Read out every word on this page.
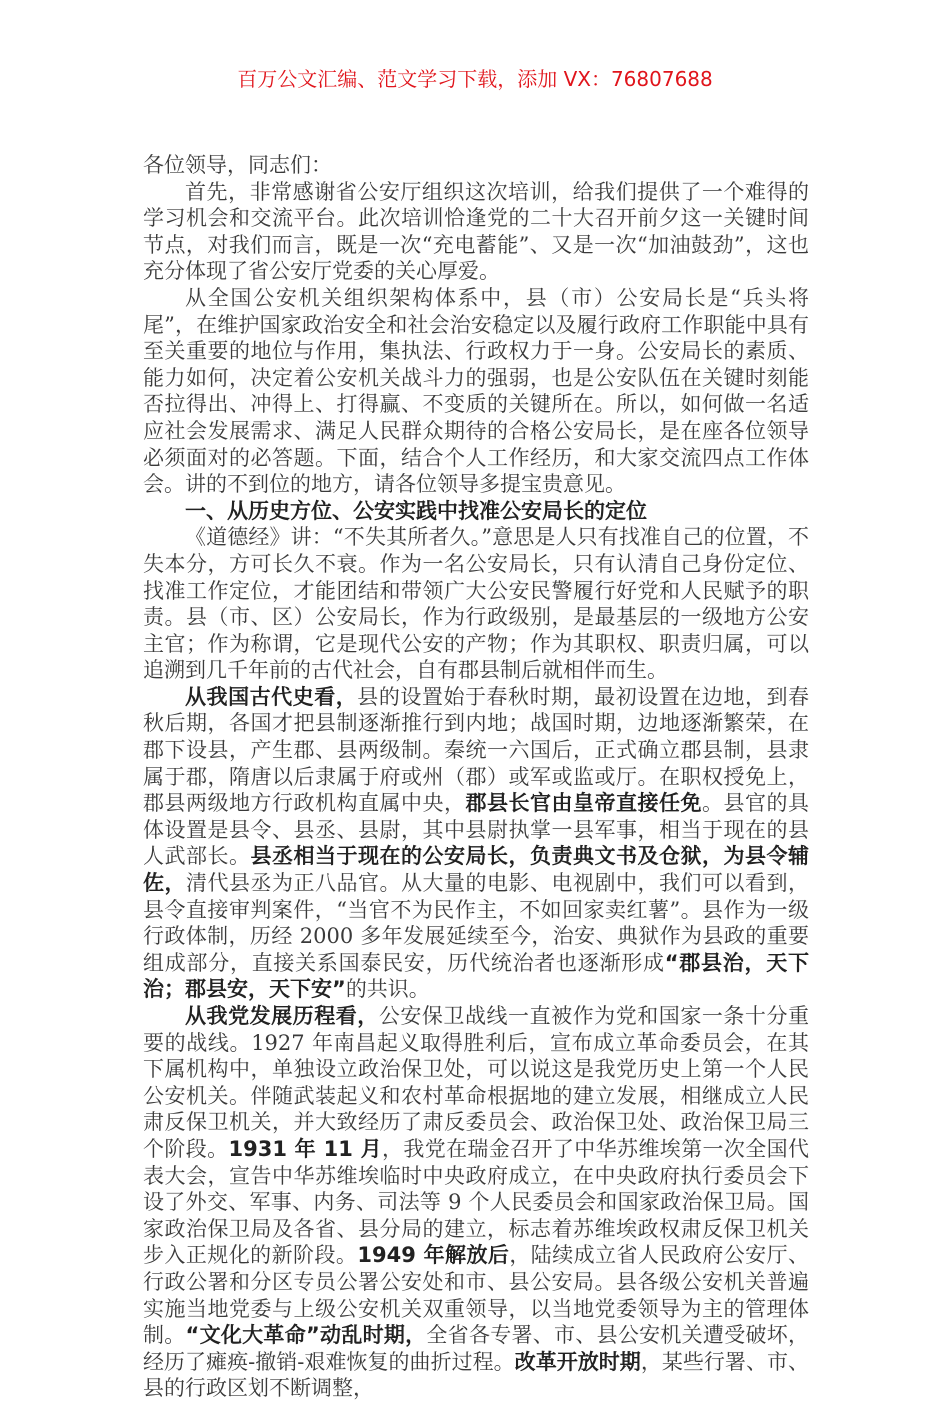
百万公文汇编、范文学习下载，添加 VX：76807688

各位领导，同志们：

首先，非常感谢省公安厅组织这次培训，给我们提供了一个难得的学习机会和交流平台。此次培训恰逢党的二十大召开前夕这一关键时间节点，对我们而言，既是一次“充电蓄能”、又是一次“加油鼓劲”，这也充分体现了省公安厅党委的关心厚爱。

从全国公安机关组织架构体系中，县（市）公安局长是“兵头将尾”，在维护国家政治安全和社会治安稳定以及履行政府工作职能中具有至关重要的地位与作用，集执法、行政权力于一身。公安局长的素质、能力如何，决定着公安机关战斗力的强弱，也是公安队伍在关键时刻能否拉得出、冲得上、打得赢、不变质的关键所在。所以，如何做一名适应社会发展需求、满足人民群众期待的合格公安局长，是在座各位领导必须面对的必答题。下面，结合个人工作经历，和大家交流四点工作体会。讲的不到位的地方，请各位领导多提宝贵意见。

一、从历史方位、公安实践中找准公安局长的定位

《道德经》讲：“不失其所者久。”意思是人只有找准自己的位置，不失本分，方可长久不衰。作为一名公安局长，只有认清自己身份定位、找准工作定位，才能团结和带领广大公安民警履行好党和人民赋予的职责。县（市、区）公安局长，作为行政级别，是最基层的一级地方公安主官；作为称谓，它是现代公安的产物；作为其职权、职责归属，可以追溯到几千年前的古代社会，自有郡县制后就相伴而生。

从我国古代史看，县的设置始于春秋时期，最初设置在边地，到春秋后期，各国才把县制逐渐推行到内地；战国时期，边地逐渐繁荣，在郡下设县，产生郡、县两级制。秦统一六国后，正式确立郡县制，县隶属于郡，隋唐以后隶属于府或州（郡）或军或监或厅。在职权授免上，郡县两级地方行政机构直属中央，郡县长官由皇帝直接任免。县官的具体设置是县令、县丞、县尉，其中县尉执掌一县军事，相当于现在的县人武部长。县丞相当于现在的公安局长，负责典文书及仓狱，为县令辅佐，清代县丞为正八品官。从大量的电影、电视剧中，我们可以看到，县令直接审判案件，“当官不为民作主，不如回家卖红薯”。县作为一级行政体制，历经 2000 多年发展延续至今，治安、典狱作为县政的重要组成部分，直接关系国泰民安，历代统治者也逐渐形成“郡县治，天下治；郡县安，天下安”的共识。

从我党发展历程看，公安保卫战线一直被作为党和国家一条十分重要的战线。1927 年南昌起义取得胜利后，宣布成立革命委员会，在其下属机构中，单独设立政治保卫处，可以说这是我党历史上第一个人民公安机关。伴随武装起义和农村革命根据地的建立发展，相继成立人民肃反保卫机关，并大致经历了肃反委员会、政治保卫处、政治保卫局三个阶段。1931 年 11 月，我党在瑞金召开了中华苏维埃第一次全国代表大会，宣告中华苏维埃临时中央政府成立，在中央政府执行委员会下设了外交、军事、内务、司法等 9 个人民委员会和国家政治保卫局。国家政治保卫局及各省、县分局的建立，标志着苏维埃政权肃反保卫机关步入正规化的新阶段。1949 年解放后，陆续成立省人民政府公安厅、行政公署和分区专员公署公安处和市、县公安局。县各级公安机关普遍实施当地党委与上级公安机关双重领导，以当地党委领导为主的管理体制。“文化大革命”动乱时期，全省各专署、市、县公安机关遭受破坏，经历了瘫痪-撤销-艰难恢复的曲折过程。改革开放时期，某些行署、市、县的行政区划不断调整，
